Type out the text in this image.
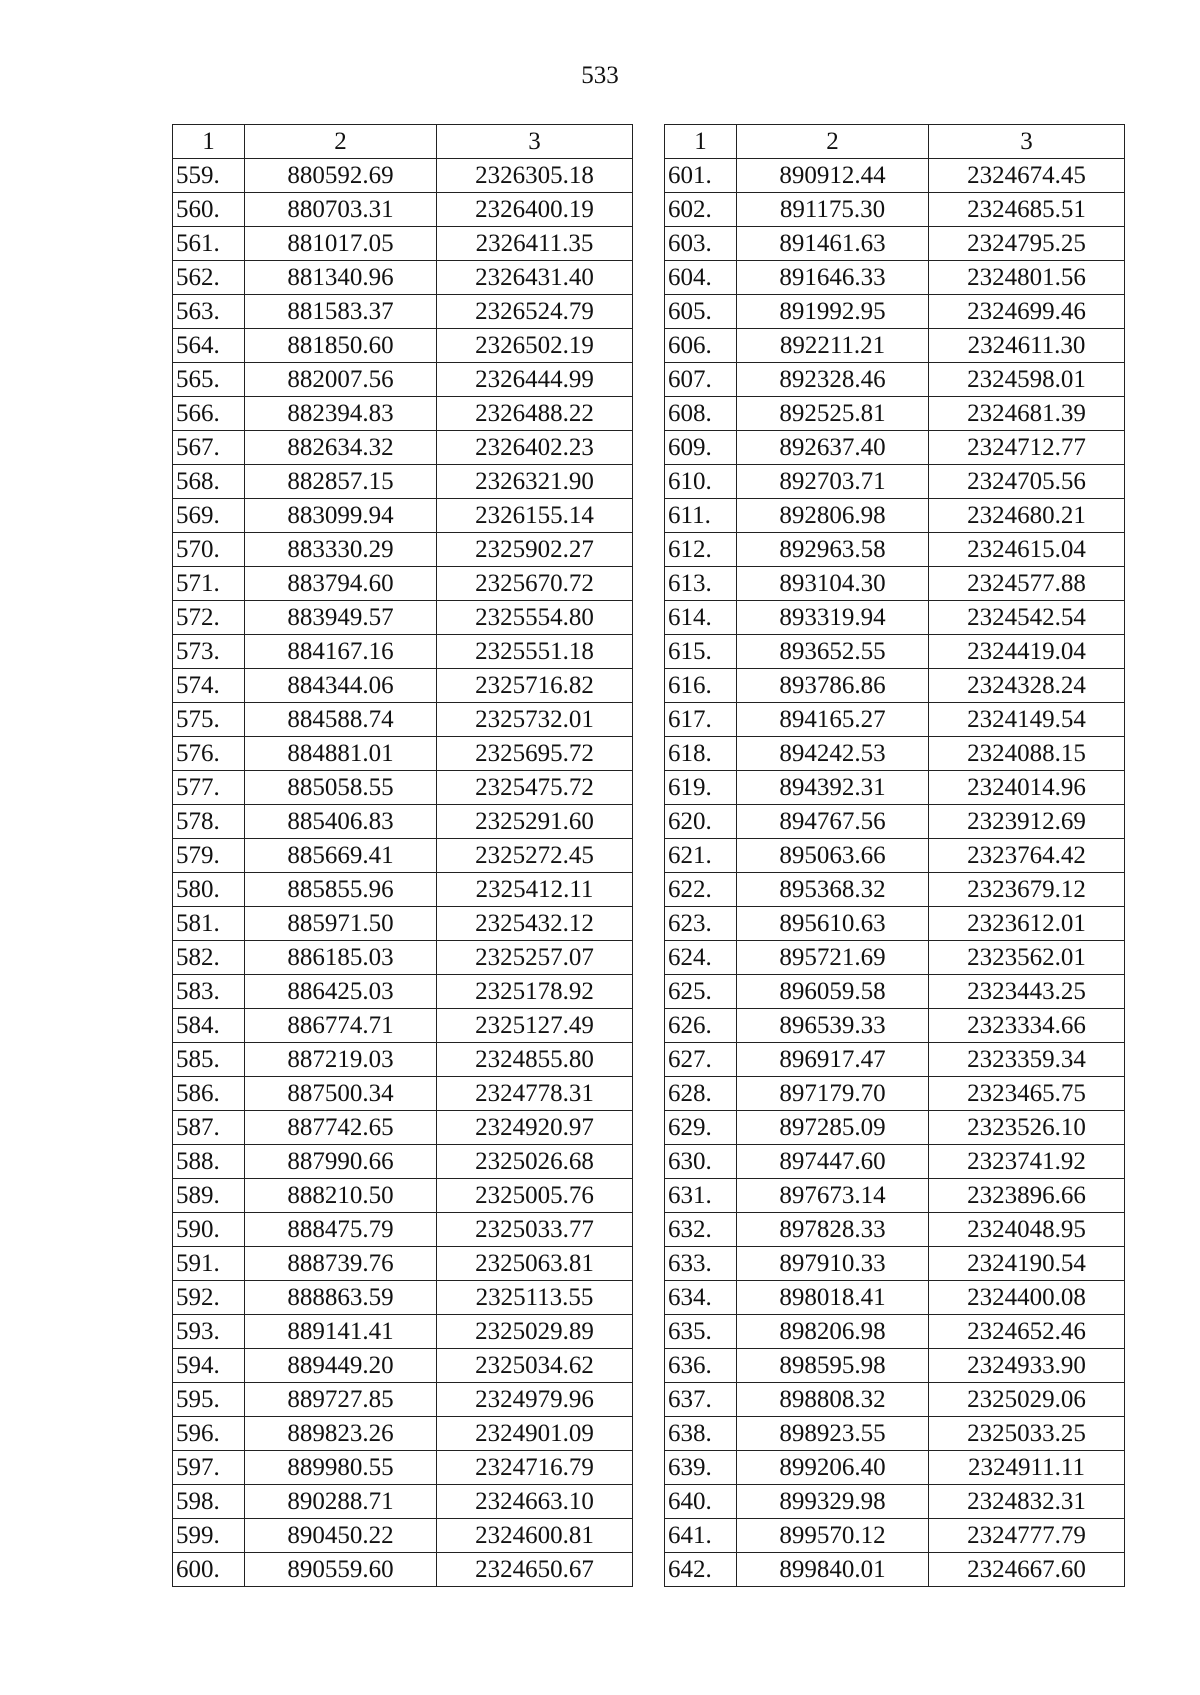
533
1	2	3
559.	880592.69	2326305.18
560.	880703.31	2326400.19
561.	881017.05	2326411.35
562.	881340.96	2326431.40
563.	881583.37	2326524.79
564.	881850.60	2326502.19
565.	882007.56	2326444.99
566.	882394.83	2326488.22
567.	882634.32	2326402.23
568.	882857.15	2326321.90
569.	883099.94	2326155.14
570.	883330.29	2325902.27
571.	883794.60	2325670.72
572.	883949.57	2325554.80
573.	884167.16	2325551.18
574.	884344.06	2325716.82
575.	884588.74	2325732.01
576.	884881.01	2325695.72
577.	885058.55	2325475.72
578.	885406.83	2325291.60
579.	885669.41	2325272.45
580.	885855.96	2325412.11
581.	885971.50	2325432.12
582.	886185.03	2325257.07
583.	886425.03	2325178.92
584.	886774.71	2325127.49
585.	887219.03	2324855.80
586.	887500.34	2324778.31
587.	887742.65	2324920.97
588.	887990.66	2325026.68
589.	888210.50	2325005.76
590.	888475.79	2325033.77
591.	888739.76	2325063.81
592.	888863.59	2325113.55
593.	889141.41	2325029.89
594.	889449.20	2325034.62
595.	889727.85	2324979.96
596.	889823.26	2324901.09
597.	889980.55	2324716.79
598.	890288.71	2324663.10
599.	890450.22	2324600.81
600.	890559.60	2324650.67
1	2	3
601.	890912.44	2324674.45
602.	891175.30	2324685.51
603.	891461.63	2324795.25
604.	891646.33	2324801.56
605.	891992.95	2324699.46
606.	892211.21	2324611.30
607.	892328.46	2324598.01
608.	892525.81	2324681.39
609.	892637.40	2324712.77
610.	892703.71	2324705.56
611.	892806.98	2324680.21
612.	892963.58	2324615.04
613.	893104.30	2324577.88
614.	893319.94	2324542.54
615.	893652.55	2324419.04
616.	893786.86	2324328.24
617.	894165.27	2324149.54
618.	894242.53	2324088.15
619.	894392.31	2324014.96
620.	894767.56	2323912.69
621.	895063.66	2323764.42
622.	895368.32	2323679.12
623.	895610.63	2323612.01
624.	895721.69	2323562.01
625.	896059.58	2323443.25
626.	896539.33	2323334.66
627.	896917.47	2323359.34
628.	897179.70	2323465.75
629.	897285.09	2323526.10
630.	897447.60	2323741.92
631.	897673.14	2323896.66
632.	897828.33	2324048.95
633.	897910.33	2324190.54
634.	898018.41	2324400.08
635.	898206.98	2324652.46
636.	898595.98	2324933.90
637.	898808.32	2325029.06
638.	898923.55	2325033.25
639.	899206.40	2324911.11
640.	899329.98	2324832.31
641.	899570.12	2324777.79
642.	899840.01	2324667.60
